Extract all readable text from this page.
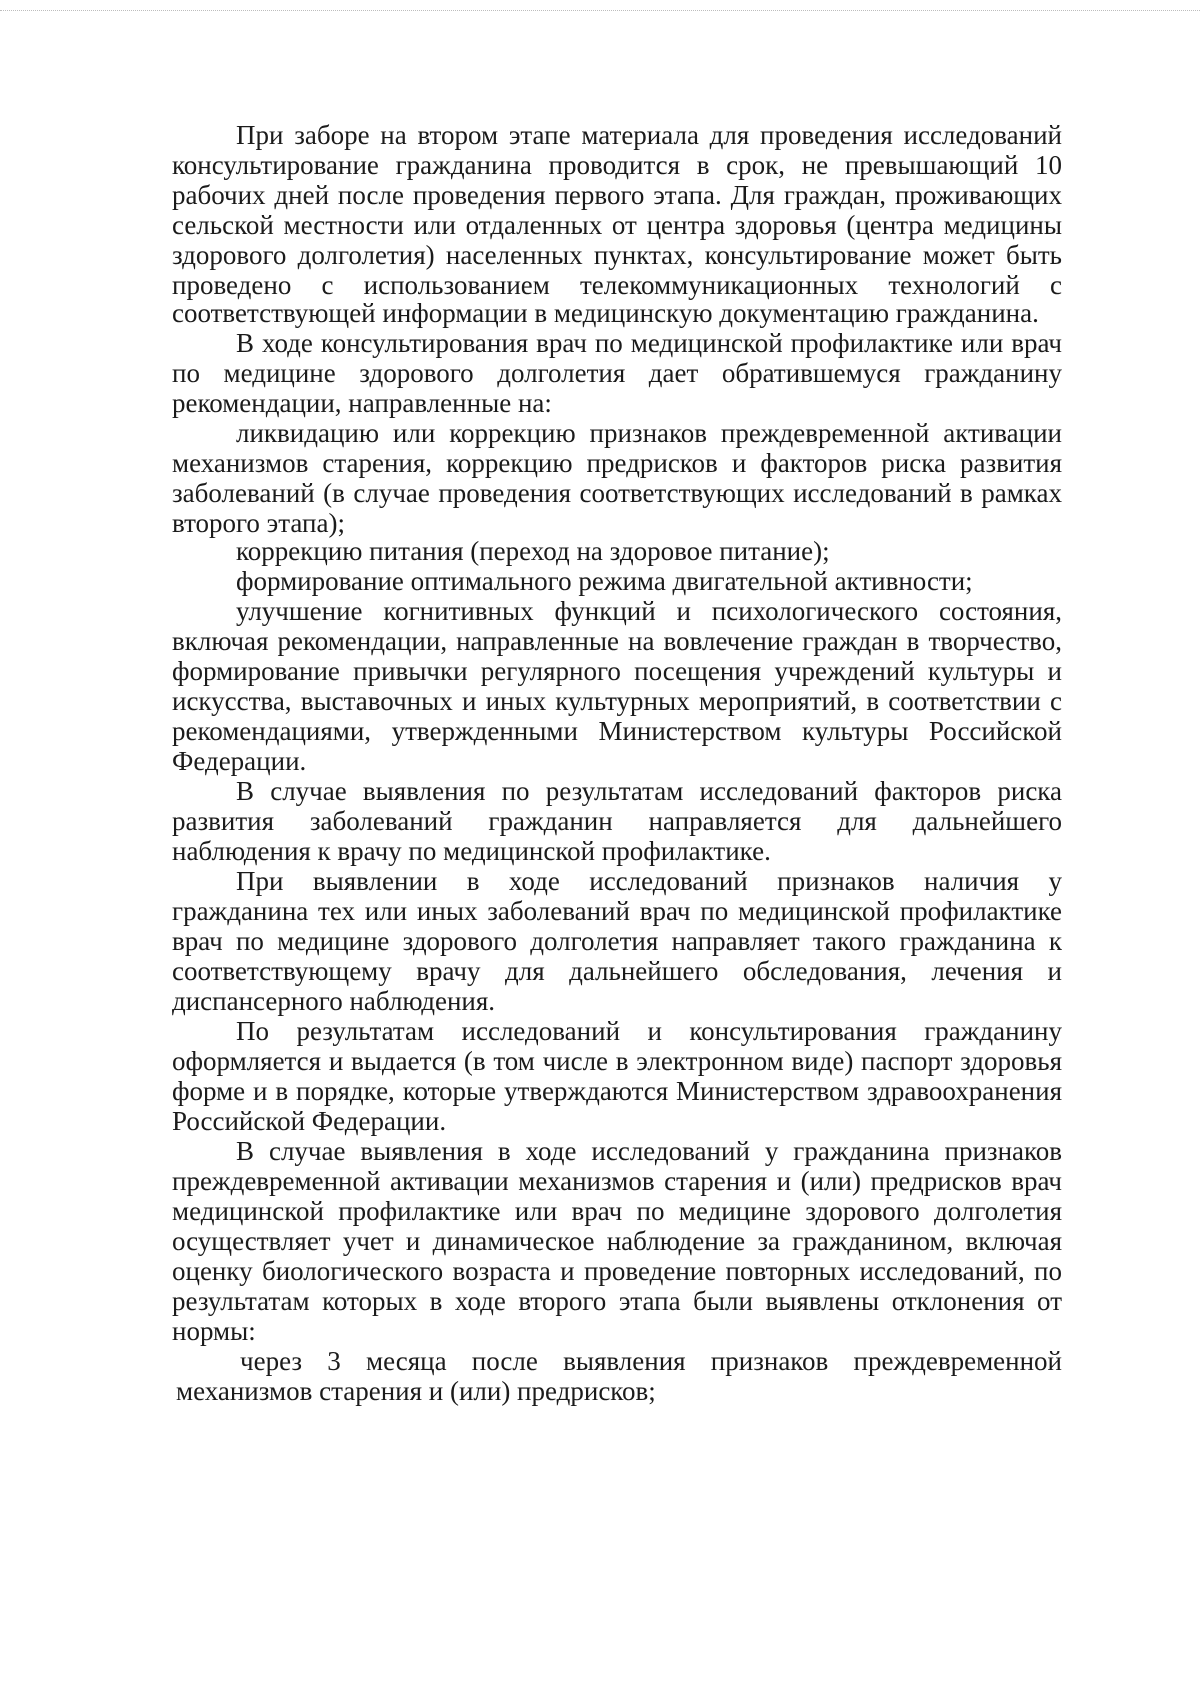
При заборе на втором этапе материала для проведения исследований
консультирование гражданина проводится в срок, не превышающий 10
рабочих дней после проведения первого этапа. Для граждан, проживающих
сельской местности или отдаленных от центра здоровья (центра медицины
здорового долголетия) населенных пунктах, консультирование может быть
проведено с использованием телекоммуникационных технологий с
соответствующей информации в медицинскую документацию гражданина.
В ходе консультирования врач по медицинской профилактике или врач
по медицине здорового долголетия дает обратившемуся гражданину
рекомендации, направленные на:
ликвидацию или коррекцию признаков преждевременной активации
механизмов старения, коррекцию предрисков и факторов риска развития
заболеваний (в случае проведения соответствующих исследований в рамках
второго этапа);
коррекцию питания (переход на здоровое питание);
формирование оптимального режима двигательной активности;
улучшение когнитивных функций и психологического состояния,
включая рекомендации, направленные на вовлечение граждан в творчество,
формирование привычки регулярного посещения учреждений культуры и
искусства, выставочных и иных культурных мероприятий, в соответствии с
рекомендациями, утвержденными Министерством культуры Российской
Федерации.
В случае выявления по результатам исследований факторов риска
развития заболеваний гражданин направляется для дальнейшего
наблюдения к врачу по медицинской профилактике.
При выявлении в ходе исследований признаков наличия у
гражданина тех или иных заболеваний врач по медицинской профилактике
врач по медицине здорового долголетия направляет такого гражданина к
соответствующему врачу для дальнейшего обследования, лечения и
диспансерного наблюдения.
По результатам исследований и консультирования гражданину
оформляется и выдается (в том числе в электронном виде) паспорт здоровья
форме и в порядке, которые утверждаются Министерством здравоохранения
Российской Федерации.
В случае выявления в ходе исследований у гражданина признаков
преждевременной активации механизмов старения и (или) предрисков врач
медицинской профилактике или врач по медицине здорового долголетия
осуществляет учет и динамическое наблюдение за гражданином, включая
оценку биологического возраста и проведение повторных исследований, по
результатам которых в ходе второго этапа были выявлены отклонения от
нормы:
через 3 месяца после выявления признаков преждевременной
механизмов старения и (или) предрисков;
